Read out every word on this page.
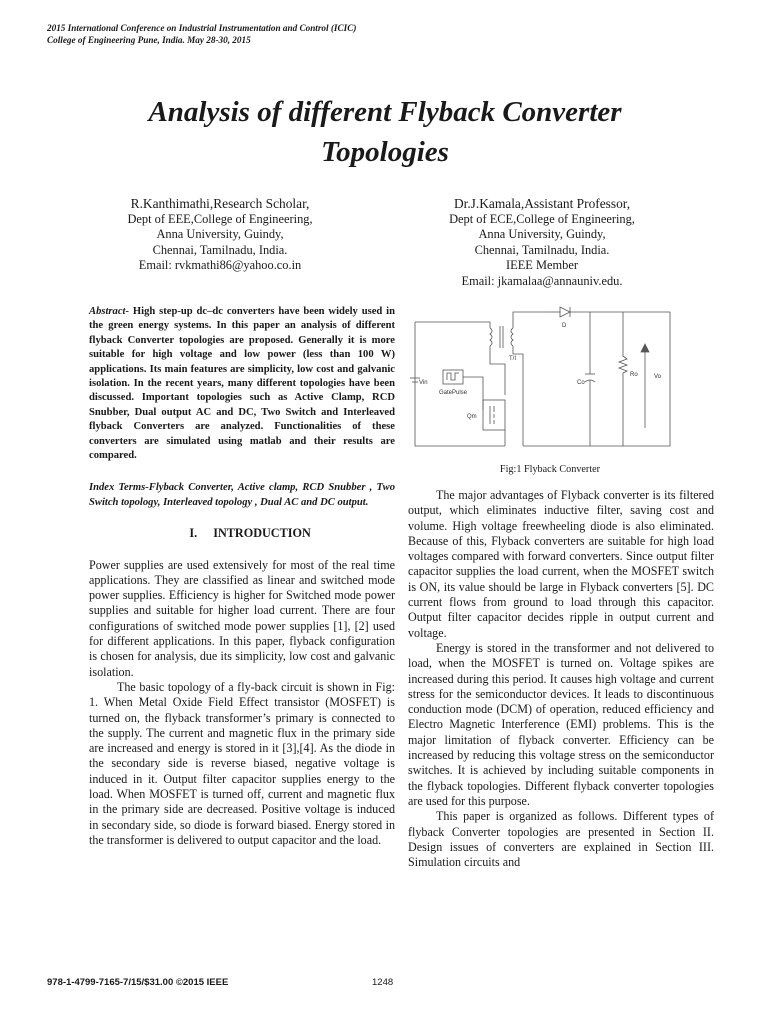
2015 International Conference on Industrial Instrumentation and Control (ICIC)
College of Engineering Pune, India. May 28-30, 2015
Analysis of different Flyback Converter
Topologies
R.Kanthimathi,Research Scholar,
Dept of EEE,College of Engineering,
Anna University, Guindy,
Chennai, Tamilnadu, India.
Email: rvkmathi86@yahoo.co.in
Dr.J.Kamala,Assistant Professor,
Dept of ECE,College of Engineering,
Anna University, Guindy,
Chennai, Tamilnadu, India.
IEEE Member
Email: jkamalaa@annauniv.edu.

Abstract- High step-up dc–dc converters have been widely used in the green energy systems. In this paper an analysis of different flyback Converter topologies are proposed. Generally it is more suitable for high voltage and low power (less than 100 W) applications. Its main features are simplicity, low cost and galvanic isolation. In the recent years, many different topologies have been discussed. Important topologies such as Active Clamp, RCD Snubber, Dual output AC and DC, Two Switch and Interleaved flyback Converters are analyzed. Functionalities of these converters are simulated using matlab and their results are compared.

Index Terms-Flyback Converter, Active clamp, RCD Snubber , Two Switch topology, Interleaved topology , Dual AC and DC output.

I. INTRODUCTION

Power supplies are used extensively for most of the real time applications. They are classified as linear and switched mode power supplies. Efficiency is higher for Switched mode power supplies and suitable for higher load current. There are four configurations of switched mode power supplies [1], [2] used for different applications. In this paper, flyback configuration is chosen for analysis, due its simplicity, low cost and galvanic isolation.

The basic topology of a fly-back circuit is shown in Fig: 1. When Metal Oxide Field Effect transistor (MOSFET) is turned on, the flyback transformer’s primary is connected to the supply. The current and magnetic flux in the primary side are increased and energy is stored in it [3],[4]. As the diode in the secondary side is reverse biased, negative voltage is induced in it. Output filter capacitor supplies energy to the load. When MOSFET is turned off, current and magnetic flux in the primary side are decreased. Positive voltage is induced in secondary side, so diode is forward biased. Energy stored in the transformer is delivered to output capacitor and the load.

Vin
GatePulse
Qm
T/I
D
Co
Ro	Vo
Fig:1 Flyback Converter

The major advantages of Flyback converter is its filtered output, which eliminates inductive filter, saving cost and volume. High voltage freewheeling diode is also eliminated. Because of this, Flyback converters are suitable for high load voltages compared with forward converters. Since output filter capacitor supplies the load current, when the MOSFET switch is ON, its value should be large in Flyback converters [5]. DC current flows from ground to load through this capacitor. Output filter capacitor decides ripple in output current and voltage.

Energy is stored in the transformer and not delivered to load, when the MOSFET is turned on. Voltage spikes are increased during this period. It causes high voltage and current stress for the semiconductor devices. It leads to discontinuous conduction mode (DCM) of operation, reduced efficiency and Electro Magnetic Interference (EMI) problems. This is the major limitation of flyback converter. Efficiency can be increased by reducing this voltage stress on the semiconductor switches. It is achieved by including suitable components in the flyback topologies. Different flyback converter topologies are used for this purpose.

This paper is organized as follows. Different types of flyback Converter topologies are presented in Section II. Design issues of converters are explained in Section III. Simulation circuits and

978-1-4799-7165-7/15/$31.00 ©2015 IEEE	1248
